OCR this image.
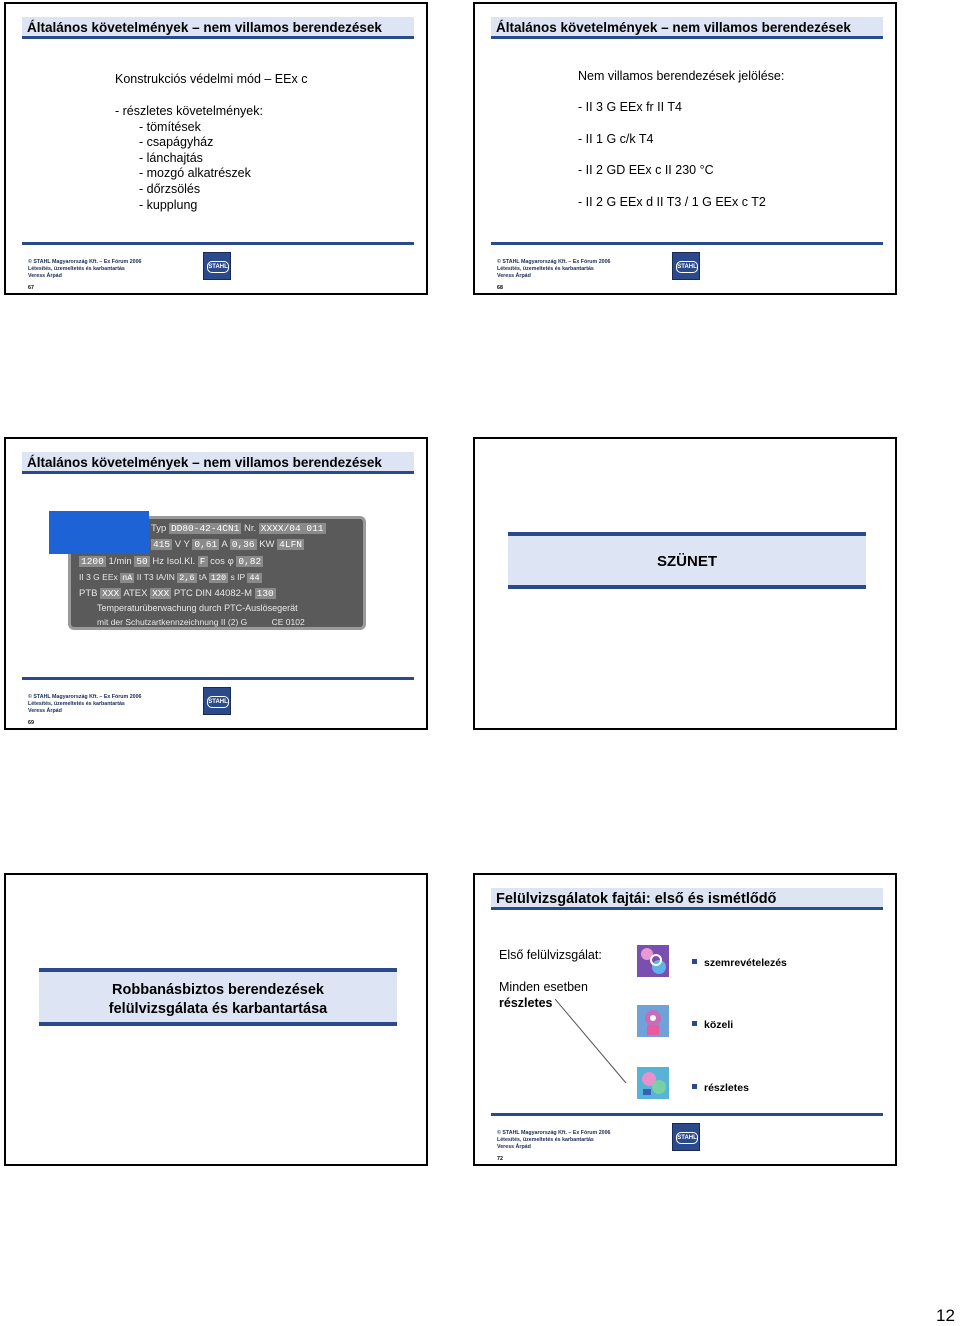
Általános követelmények – nem villamos berendezések
Konstrukciós védelmi mód – EEx c
- részletes követelmények:
- tömítések
- csapágyház
- lánchajtás
- mozgó alkatrészek
- dőrzsölés
- kupplung
© STAHL Magyarország Kft. – Ex Fórum 2006
Létesítés, üzemeltetés és karbantartás
Veress Árpád
67
STAHL
Általános követelmények – nem villamos berendezések
Nem villamos berendezések jelölése:
- II 3 G EEx fr II T4
- II 1 G c/k T4
- II 2 GD EEx c II 230 °C
- II 2 G EEx d II T3 / 1 G EEx c T2
© STAHL Magyarország Kft. – Ex Fórum 2006
Létesítés, üzemeltetés és karbantartás
Veress Árpád
68
STAHL
Általános követelmények – nem villamos berendezések
Typ DD80-42-4CN1 Nr. XXXX/04 011
415 V Y 0,61 A 0,36 KW 4LFN
1200 1/min 50 Hz Isol.Kl. F cos φ 0,82
II 3 G EEx nA II T3 IA/IN 2,6 tA 120 s IP 44
PTB XXX ATEX XXX PTC DIN 44082-M 130
Temperaturüberwachung durch PTC-Auslösegerät
mit der Schutzartkennzeichnung II (2) G	CE 0102
© STAHL Magyarország Kft. – Ex Fórum 2006
Létesítés, üzemeltetés és karbantartás
Veress Árpád
69
STAHL
SZÜNET
Robbanásbiztos berendezések
felülvizsgálata és karbantartása
Felülvizsgálatok fajtái: első és ismétlődő
Első felülvizsgálat:
Minden esetben
részletes
szemrevételezés
közeli
részletes
© STAHL Magyarország Kft. – Ex Fórum 2006
Létesítés, üzemeltetés és karbantartás
Veress Árpád
72
STAHL
12
